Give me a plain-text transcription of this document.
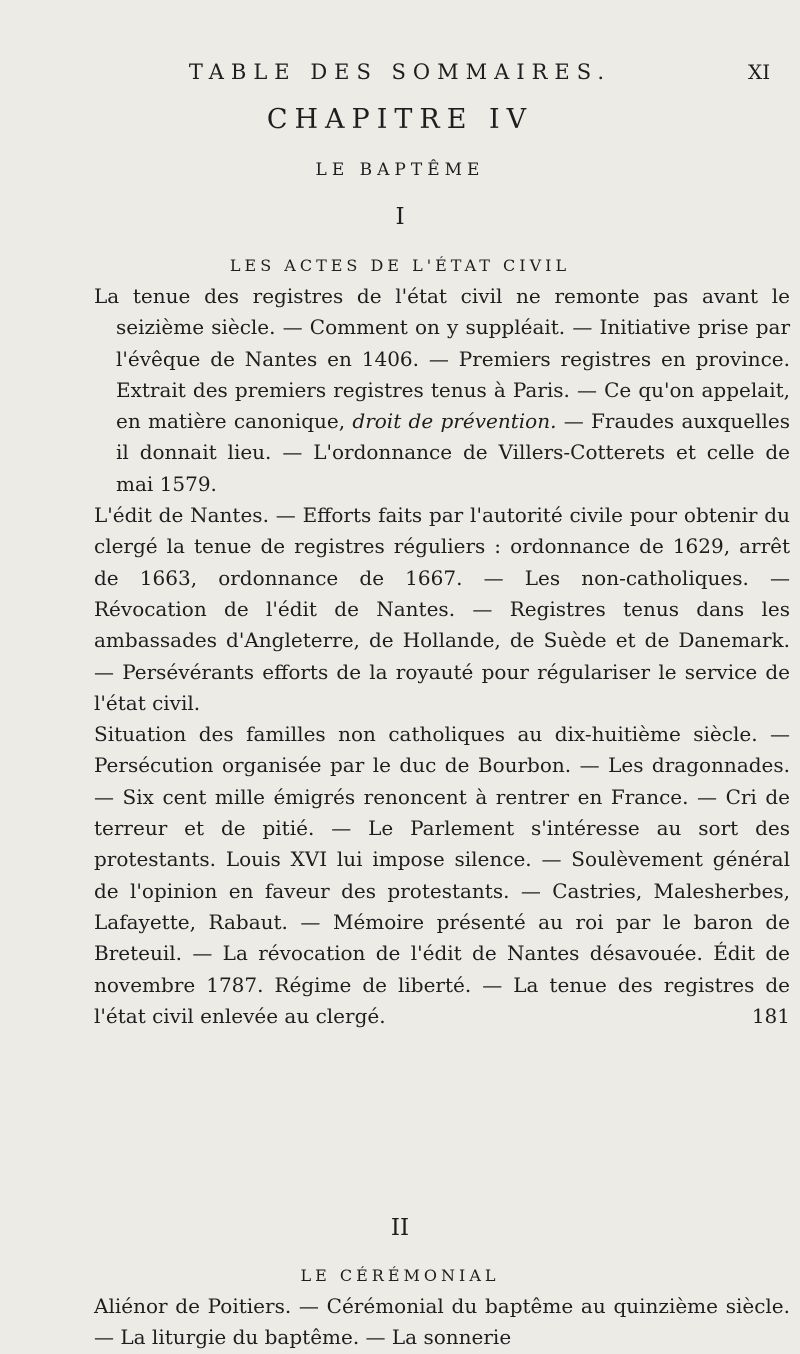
TABLE DES SOMMAIRES.	XI
CHAPITRE IV
LE BAPTÊME
I
LES ACTES DE L'ÉTAT CIVIL

La tenue des registres de l'état civil ne remonte pas avant le seizième siècle. — Comment on y suppléait. — Initiative prise par l'évêque de Nantes en 1406. — Premiers registres en province. Extrait des premiers registres tenus à Paris. — Ce qu'on appelait, en matière canonique, droit de prévention. — Fraudes auxquelles il donnait lieu. — L'ordonnance de Villers-Cotterets et celle de mai 1579.

L'édit de Nantes. — Efforts faits par l'autorité civile pour obtenir du clergé la tenue de registres réguliers : ordonnance de 1629, arrêt de 1663, ordonnance de 1667. — Les non-catholiques. — Révocation de l'édit de Nantes. — Registres tenus dans les ambassades d'Angleterre, de Hollande, de Suède et de Danemark. — Persévérants efforts de la royauté pour régulariser le service de l'état civil.

Situation des familles non catholiques au dix-huitième siècle. — Persécution organisée par le duc de Bourbon. — Les dragonnades. — Six cent mille émigrés renoncent à rentrer en France. — Cri de terreur et de pitié. — Le Parlement s'intéresse au sort des protestants. Louis XVI lui impose silence. — Soulèvement général de l'opinion en faveur des protestants. — Castries, Malesherbes, Lafayette, Rabaut. — Mémoire présenté au roi par le baron de Breteuil. — La révocation de l'édit de Nantes désavouée. Édit de novembre 1787. Régime de liberté. — La tenue des registres de l'état civil enlevée au clergé.	181

II
LE CÉRÉMONIAL

Aliénor de Poitiers. — Cérémonial du baptême au quinzième siècle. — La liturgie du baptême. — La sonnerie
